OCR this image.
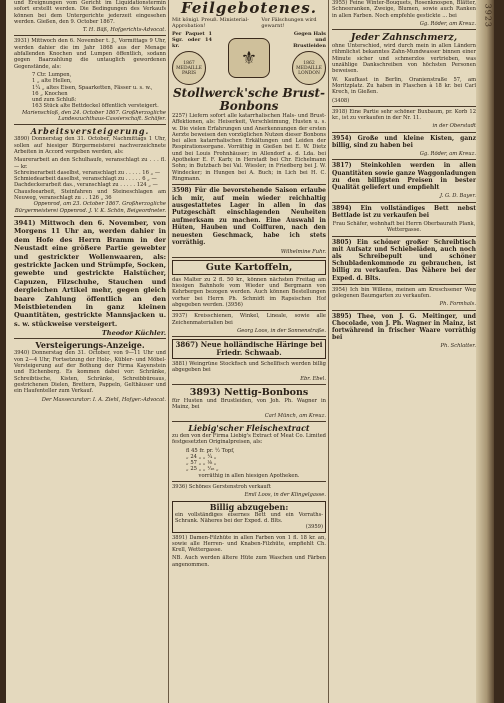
3923

und Ereignungen vom Gericht im Liquidationstermin sofort erstellt werden. Die Bedingungen des Verkaufs können bei dem Untergerichte jederzeit eingesehen werden. Gießen, den 9. October 1867.

T. H. Bäß, Hofgerichts-Advocat.

3931) Mittwoch den 6. November t. J., Vormittags 9 Uhr, werden dahier die im Jahr 1868 aus der Menage abfallenden Knochen und Lumpen öffentlich, sodann gegen Baarzahlung die untauglich gewordenen Gegenstände, als:

7 Ctr. Lumpen,

1 „ alte Hellen,

1¼ „ altes Eisen, Spaarketten, Fässer u. s. w.,

16 „ Knochen

und zum Schluß:

163 Stück alte Bettdeckel öffentlich versteigert.

Marienschloß, den 24. October 1867. Großherzogliche Landeszuchthaus-Cassierschaft. Schäfer.
Arbeitsversteigerung.

3890) Donnerstag den 31. October, Nachmittags 1 Uhr, sollen auf hiesiger Bürgermeisterei nachverzeichnete Arbeiten in Accord vergeben werden, als:

Maurerarbeit an den Schulhaufe, veranschlagt zu . . . fl. — kr.

Schreinerarbeit daselbst, veranschlagt zu . . . . . 16 „ —

Schmiedearbeit daselbst, veranschlagt zu . . . . . 6 „ —

Dachdeckerarbeit das., veranschlagt zu . . . . . 124 „ —

Chausfeearbeit, Steinfahren und Steineschlagen am Neuweg, veranschlagt zu . . 126 „ 36

Oppenrod, am 23. October 1867. Großherzogliche Bürgermeisterei Oppenrod. J. V. K. Schön, Beigeordneter.

3941) Mittwoch den 6. November, von Morgens 11 Uhr an, werden dahier in dem Hofe des Herrn Bramm in der Neustadt eine größere Partie gewebter und gestrickter Wollenwaaren, als: gestrickte Jacken und Strümpfe, Socken, gewebte und gestrickte Halstücher, Capuzen, Filzschuhe, Stauchen und dergleichen Artikel mehr, gegen gleich baare Zahlung öffentlich an den Meistbietenden in ganz kleinen Quantitäten, gestrickte Mannsjacken u. s. w. stückweise versteigert.

Theodor Küchler.
Versteigerungs-Anzeige.

3940) Donnerstag den 31. October, von 9—11 Uhr und von 2—4 Uhr, Fortsetzung der Holz-, Kübler- und Möbel-Versteigerung auf der Bothung der Firma Kayenstein und Eichenberg. Es kommen dabei vor: Schränke, Schreibtische, Kisten, Schränke, Schreibbüreaus, gestrichenen Dielen, Brettern, Pappeln, Gelthäuser und ein Haufenteller zum Verkauf.

Der Massecurator: I. A. Ziehl, Hofger.-Advocat.
Feilgebotenes.
Mit königl. Preuß. Ministerial-Approbation!
Vor Fälschungen wird gewarnt!

Per Paquet 1 Sgr. oder 14 kr.

1867 MEDAILLE PARIS
⚜

Gegen Hals und Brustleiden

1862 MEDAILLE LONDON
Stollwerck'sche Brust-Bonbons

2257) Liefern sofort alle katarrhalischen Hals- und Brust-Affektionen, als: Heiserkeit, Verschleimung, Husten u. s. w. Die vielen Erfahrungen und Anerkennungen der ersten Aerzte beweisen den vorzüglichen Nutzen dieser Bonbons bei allen katarrhalischen Erkältungen und Leiden der Respirationsorgane. Vorräthig in Gießen bei E. W. Dietz und bei Louis Frohnhäuser; in Allendorf a. d. Lda. bei Apotheker E. F. Karb; in Herstadt bei Chr. Eichelmann Sohn; in Butzbach bei Val. Wiesler; in Friedberg bei J. W. Windecker; in Hungen bei A. Buch; in Lich bei H. C. Ringmann.

3598) Für die bevorstehende Saison erlaube ich mir, auf mein wieder reichhaltig ausgestattetes Lager in allen in das Putzgeschäft einschlagenden Neuheiten aufmerksam zu machen. Eine Auswahl in Hüten, Hauben und Coiffuren, nach den neuesten Geschmack, habe ich stets vorräthig.

Wilhelmine Fuhr.
Gute Kartoffeln,

das Malter zu 2 fl. 50 kr., können nächsten Freitag am hiesigen Bahnhofe vom Wieder und Bergmann von Kehrbergen bezogen werden. Auch können Bestellungen vorher bei Herrn Ph. Schmidt im Rapsischen Hof abgegeben werden. (3956)

3937) Kreisschienen, Winkel, Lineale, sowie alle Zeichenmaterialien bei

Georg Loos, in der Sonnenstraße.

3867) Neue holländische Häringe bei Friedr. Schwaab.

3881) Weingrüne Stockfisch und Schellfisch werden billig abgegeben bei

Ebr. Ebel.
3893) Nettig-Bonbons

für Husten und Brustleiden, von Joh. Ph. Wagner in Mainz, bei

Carl Münch, am Kreuz.
Liebig'scher Fleischextract

zu den von der Firma Liebig's Extract of Meat Co. Limited festgesetzten Originalpreisen, als:

fl 45 fr. pr. ½ Topf,

„ 24 „ „ ¼ „

„ 57 „ „ ⅛ „

„ 25 „ „ ¹⁄₁₆ „

vorräthig in allen hiesigen Apotheken.

3936) Schönes Gerstenstroh verkauft

Emil Loos, in der Klingelgasse.
Billig abzugeben:

ein vollständiges eisernes Bett und ein Vorraths-Schrank. Näheres bei der Exped. d. Blts.

(3959)

3891) Damen-Filzhüte in allen Farben von 1 fl. 18 kr. an, sowie alle Herren- und Knaben-Filzhüte, empfiehlt Ch. Krell, Wettergasse.

NB. Auch werden ältere Hüte zum Waschen und Färben angenommen.

3955) Feine Winter-Bouquets, Rosenknospen, Blätter, Schneeranken, Zweige, Blumen, sowie auch Ranken in allen Farben. Noch empfehle gestickte ... bei

Gg. Röder, am Kreuz.
Jeder Zahnschmerz,

ohne Unterschied, wird durch mein in allen Ländern rühmlichst bekanntes Zahn-Mundwasser binnen einer Minute sicher und schmerzlos vertrieben, was unzählige Dankschreiben von höchsten Personen beweisen.

W. Kaufkast in Berlin, Oranienstraße 57, am Moritzplatz. Zu haben in Flaschen à 18 kr. bei Carl Krech, in Gießen.

(3408)

3918) Eine Partie sehr schöner Buxbaum, pr. Korb 12 kr., ist zu verkaufen in der Nr. 11.

in der Oberstadt

3954) Große und kleine Kisten, ganz billig, sind zu haben bei

Gg. Röder, am Kreuz.

3817) Steinkohlen werden in allen Quantitäten sowie ganze Waggonladungen zu den billigsten Preisen in bester Qualität geliefert und empfiehlt

J. G. D. Bayer.

3894) Ein vollständiges Bett nebst Bettlade ist zu verkaufen bei

Frau Schäfer, wohnhaft bei Herrn Oberbaurath Plank, Wettergasse.

3805) Ein schöner großer Schreibtisch mit Aufsatz und Schiebeläden, auch noch als Schreibepult und schöner Schubladenkommode zu gebrauchen, ist billig zu verkaufen. Das Nähere bei der Exped. d. Blts.

3954) Ich bin Willens, meinen am Kreschsener Weg gelegenen Baumgarten zu verkaufen.

Ph. Formhals.

3895) Thee, von J. G. Meitinger, und Chocolade, von J. Ph. Wagner in Mainz, ist fortwährend in frischer Waare vorräthig bei

Ph. Schlatter.
